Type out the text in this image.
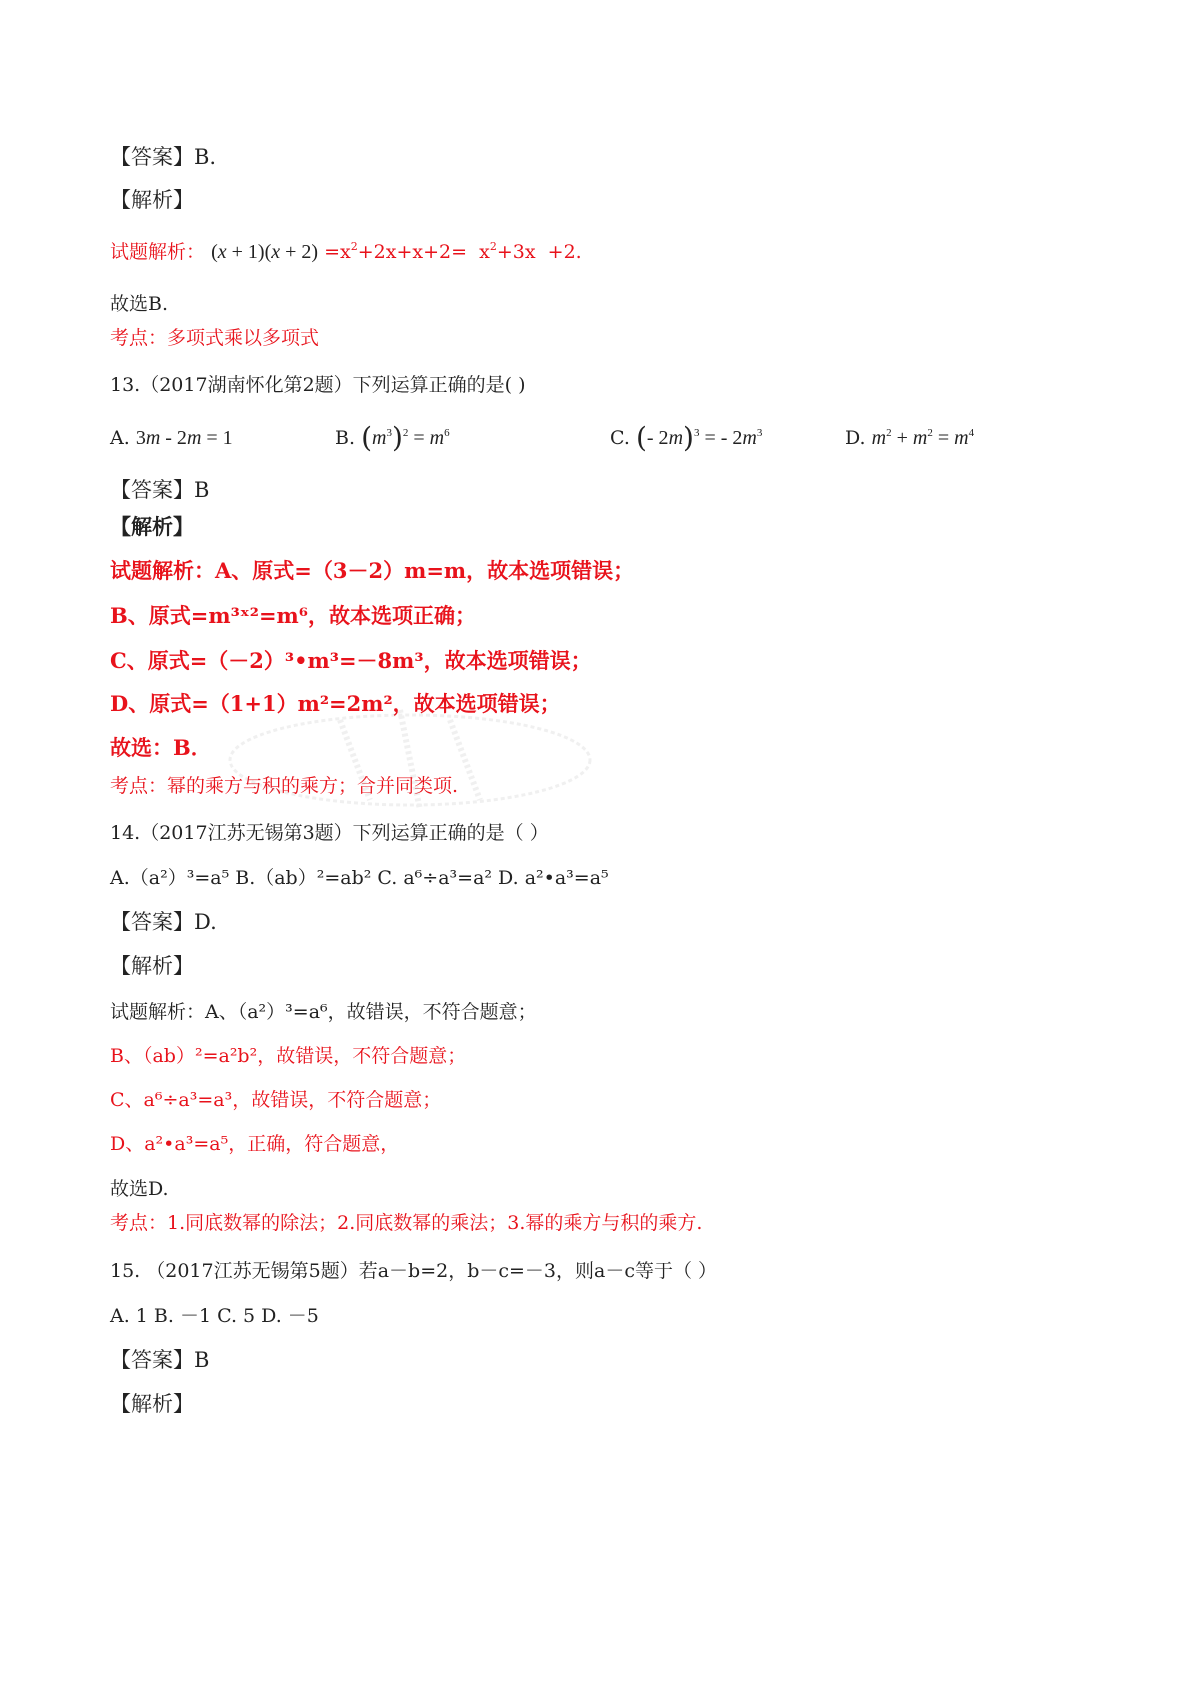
【答案】B.
【解析】
试题解析： $(x + 1)(x + 2) =x^2+2x+x+2= x^2+3x +2$.
故选B.
考点：多项式乘以多项式
13.（2017湖南怀化第2题）下列运算正确的是( )
A. 3m - 2m = 1	B. $(m^3)^2 = m^6$	C. (- 2m)$^3$ = - $2m^3$	D. $m^2 + m^2 = m^4$
【答案】B
【解析】
试题解析：A、原式=（3－2）m=m，故本选项错误；
B、原式=m³ˣ²=m⁶，故本选项正确；
C、原式=（－2）³•m³=－8m³，故本选项错误；
D、原式=（1+1）m²=2m²，故本选项错误；
故选：B．
考点：幂的乘方与积的乘方；合并同类项.
14.（2017江苏无锡第3题）下列运算正确的是（ ）
A.（a²）³=a⁵ B.（ab）²=ab² C. a⁶÷a³=a² D. a²•a³=a⁵
【答案】D.
【解析】
试题解析：A、（a²）³=a⁶，故错误，不符合题意；
B、（ab）²=a²b²，故错误，不符合题意；
C、a⁶÷a³=a³，故错误，不符合题意；
D、a²•a³=a⁵，正确，符合题意，
故选D.
考点：1.同底数幂的除法；2.同底数幂的乘法；3.幂的乘方与积的乘方.
15. （2017江苏无锡第5题）若a－b=2，b－c=－3，则a－c等于（ ）
A. 1 B. －1 C. 5 D. －5
【答案】B
【解析】
